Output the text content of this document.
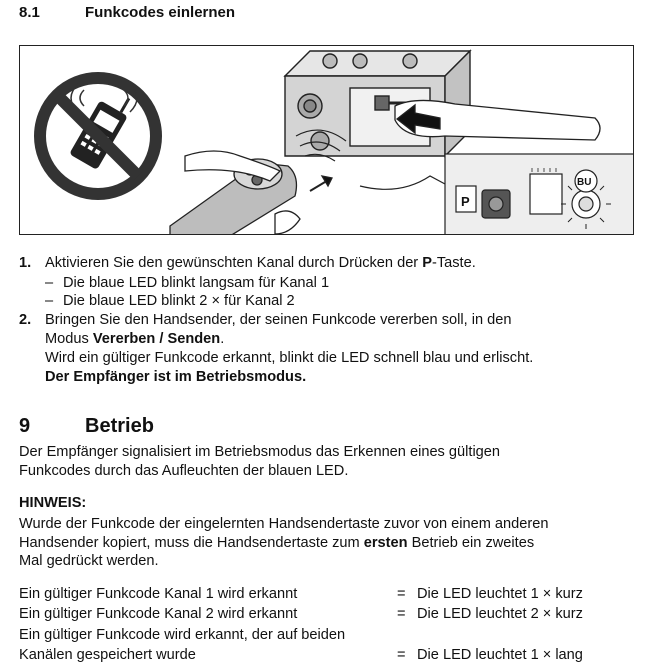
8.1	Funkcodes einlernen
P
BU
1. Aktivieren Sie den gewünschten Kanal durch Drücken der P-Taste.
– Die blaue LED blinkt langsam für Kanal 1
– Die blaue LED blinkt 2 × für Kanal 2
2. Bringen Sie den Handsender, der seinen Funkcode vererben soll, in den
Modus Vererben / Senden.
Wird ein gültiger Funkcode erkannt, blinkt die LED schnell blau und erlischt.
Der Empfänger ist im Betriebsmodus.
9	Betrieb
Der Empfänger signalisiert im Betriebsmodus das Erkennen eines gültigen
Funkcodes durch das Aufleuchten der blauen LED.
HINWEIS:
Wurde der Funkcode der eingelernten Handsendertaste zuvor von einem anderen
Handsender kopiert, muss die Handsendertaste zum ersten Betrieb ein zweites
Mal gedrückt werden.
Ein gültiger Funkcode Kanal 1 wird erkannt	= Die LED leuchtet 1 × kurz
Ein gültiger Funkcode Kanal 2 wird erkannt	= Die LED leuchtet 2 × kurz
Ein gültiger Funkcode wird erkannt, der auf beiden
Kanälen gespeichert wurde	= Die LED leuchtet 1 × lang
